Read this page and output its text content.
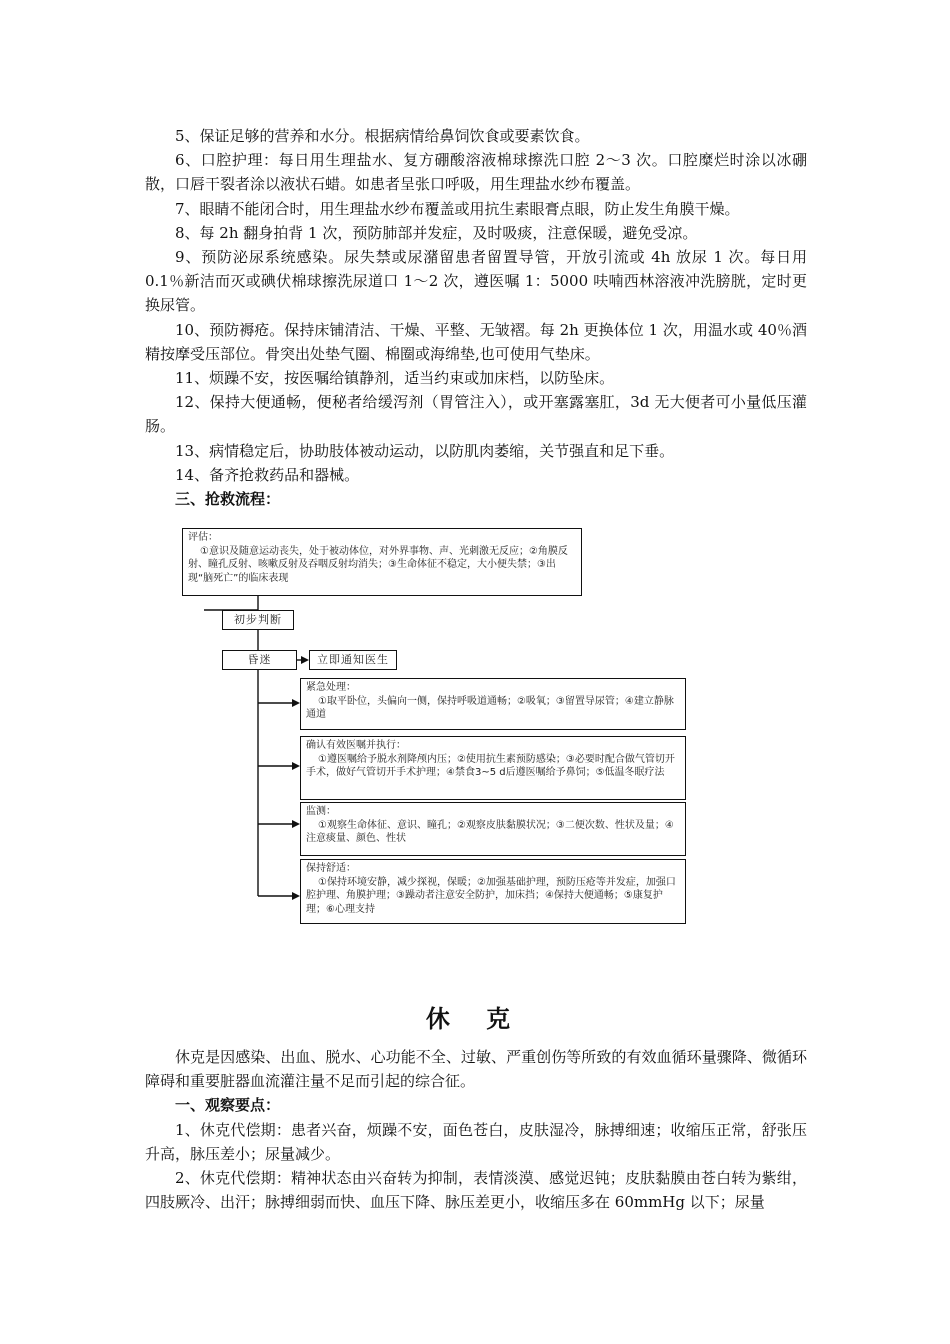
5、保证足够的营养和水分。根据病情给鼻饲饮食或要素饮食。

6、口腔护理：每日用生理盐水、复方硼酸溶液棉球擦洗口腔 2～3 次。口腔糜烂时涂以冰硼散，口唇干裂者涂以液状石蜡。如患者呈张口呼吸，用生理盐水纱布覆盖。

7、眼睛不能闭合时，用生理盐水纱布覆盖或用抗生素眼膏点眼，防止发生角膜干燥。

8、每 2h 翻身拍背 1 次，预防肺部并发症，及时吸痰，注意保暖，避免受凉。

9、预防泌尿系统感染。尿失禁或尿潴留患者留置导管，开放引流或 4h 放尿 1 次。每日用 0.1％新洁而灭或碘伏棉球擦洗尿道口 1～2 次，遵医嘱 1：5000 呋喃西林溶液冲洗膀胱，定时更换尿管。

10、预防褥疮。保持床铺清洁、干燥、平整、无皱褶。每 2h 更换体位 1 次，用温水或 40％酒精按摩受压部位。骨突出处垫气圈、棉圈或海绵垫,也可使用气垫床。

11、烦躁不安，按医嘱给镇静剂，适当约束或加床档，以防坠床。

12、保持大便通畅，便秘者给缓泻剂（胃管注入），或开塞露塞肛，3d 无大便者可小量低压灌肠。

13、病情稳定后，协助肢体被动运动，以防肌肉萎缩，关节强直和足下垂。

14、备齐抢救药品和器械。

三、抢救流程：

评估：
①意识及随意运动丧失，处于被动体位，对外界事物、声、光刺激无反应；②角膜反射、瞳孔反射、咳嗽反射及吞咽反射均消失；③生命体征不稳定，大小便失禁；③出现“脑死亡”的临床表现
初步判断
昏迷	立即通知医生
紧急处理：
①取平卧位，头偏向一侧，保持呼吸道通畅；②吸氧；③留置导尿管；④建立静脉通道
确认有效医嘱并执行：
①遵医嘱给予脱水剂降颅内压；②使用抗生素预防感染；③必要时配合做气管切开手术，做好气管切开手术护理；④禁食3~5 d后遵医嘱给予鼻饲；⑤低温冬眠疗法
监测：
①观察生命体征、意识、瞳孔；②观察皮肤黏膜状况；③二便次数、性状及量；④注意痰量、颜色、性状
保持舒适：
①保持环境安静，减少探视，保暖；②加强基础护理，预防压疮等并发症，加强口腔护理、角膜护理；③躁动者注意安全防护，加床挡；④保持大便通畅；⑤康复护理；⑥心理支持
休 克

休克是因感染、出血、脱水、心功能不全、过敏、严重创伤等所致的有效血循环量骤降、微循环障碍和重要脏器血流灌注量不足而引起的综合征。

一、观察要点：

1、休克代偿期：患者兴奋，烦躁不安，面色苍白，皮肤湿冷，脉搏细速；收缩压正常，舒张压升高，脉压差小；尿量减少。

2、休克代偿期：精神状态由兴奋转为抑制，表情淡漠、感觉迟钝；皮肤黏膜由苍白转为紫绀，四肢厥冷、出汗；脉搏细弱而快、血压下降、脉压差更小，收缩压多在 60mmHg 以下；尿量
